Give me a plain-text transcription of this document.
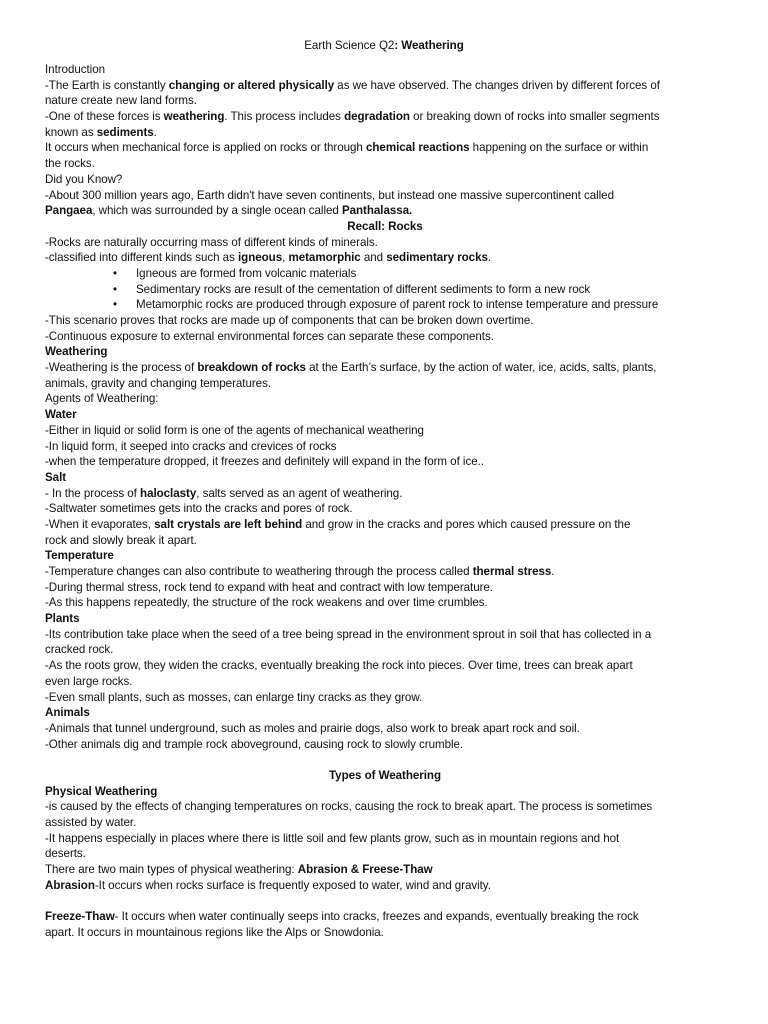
Earth Science Q2: Weathering
Introduction
-The Earth is constantly changing or altered physically as we have observed. The changes driven by different forces of
nature create new land forms.
-One of these forces is weathering. This process includes degradation or breaking down of rocks into smaller segments
known as sediments.
It occurs when mechanical force is applied on rocks or through chemical reactions happening on the surface or within
the rocks.
Did you Know?
-About 300 million years ago, Earth didn't have seven continents, but instead one massive supercontinent called
Pangaea, which was surrounded by a single ocean called Panthalassa.
Recall: Rocks
-Rocks are naturally occurring mass of different kinds of minerals.
-classified into different kinds such as igneous, metamorphic and sedimentary rocks.
• Igneous are formed from volcanic materials
• Sedimentary rocks are result of the cementation of different sediments to form a new rock
• Metamorphic rocks are produced through exposure of parent rock to intense temperature and pressure
-This scenario proves that rocks are made up of components that can be broken down overtime.
-Continuous exposure to external environmental forces can separate these components.
Weathering
-Weathering is the process of breakdown of rocks at the Earth’s surface, by the action of water, ice, acids, salts, plants,
animals, gravity and changing temperatures.
Agents of Weathering:
Water
-Either in liquid or solid form is one of the agents of mechanical weathering
-In liquid form, it seeped into cracks and crevices of rocks
-when the temperature dropped, it freezes and definitely will expand in the form of ice..
Salt
- In the process of haloclasty, salts served as an agent of weathering.
-Saltwater sometimes gets into the cracks and pores of rock.
-When it evaporates, salt crystals are left behind and grow in the cracks and pores which caused pressure on the
rock and slowly break it apart.
Temperature
-Temperature changes can also contribute to weathering through the process called thermal stress.
-During thermal stress, rock tend to expand with heat and contract with low temperature.
-As this happens repeatedly, the structure of the rock weakens and over time crumbles.
Plants
-Its contribution take place when the seed of a tree being spread in the environment sprout in soil that has collected in a
cracked rock.
-As the roots grow, they widen the cracks, eventually breaking the rock into pieces. Over time, trees can break apart
even large rocks.
-Even small plants, such as mosses, can enlarge tiny cracks as they grow.
Animals
-Animals that tunnel underground, such as moles and prairie dogs, also work to break apart rock and soil.
-Other animals dig and trample rock aboveground, causing rock to slowly crumble.
Types of Weathering
Physical Weathering
-is caused by the effects of changing temperatures on rocks, causing the rock to break apart. The process is sometimes
assisted by water.
-It happens especially in places where there is little soil and few plants grow, such as in mountain regions and hot
deserts.
There are two main types of physical weathering: Abrasion & Freese-Thaw
Abrasion-It occurs when rocks surface is frequently exposed to water, wind and gravity.
Freeze-Thaw- It occurs when water continually seeps into cracks, freezes and expands, eventually breaking the rock
apart. It occurs in mountainous regions like the Alps or Snowdonia.
